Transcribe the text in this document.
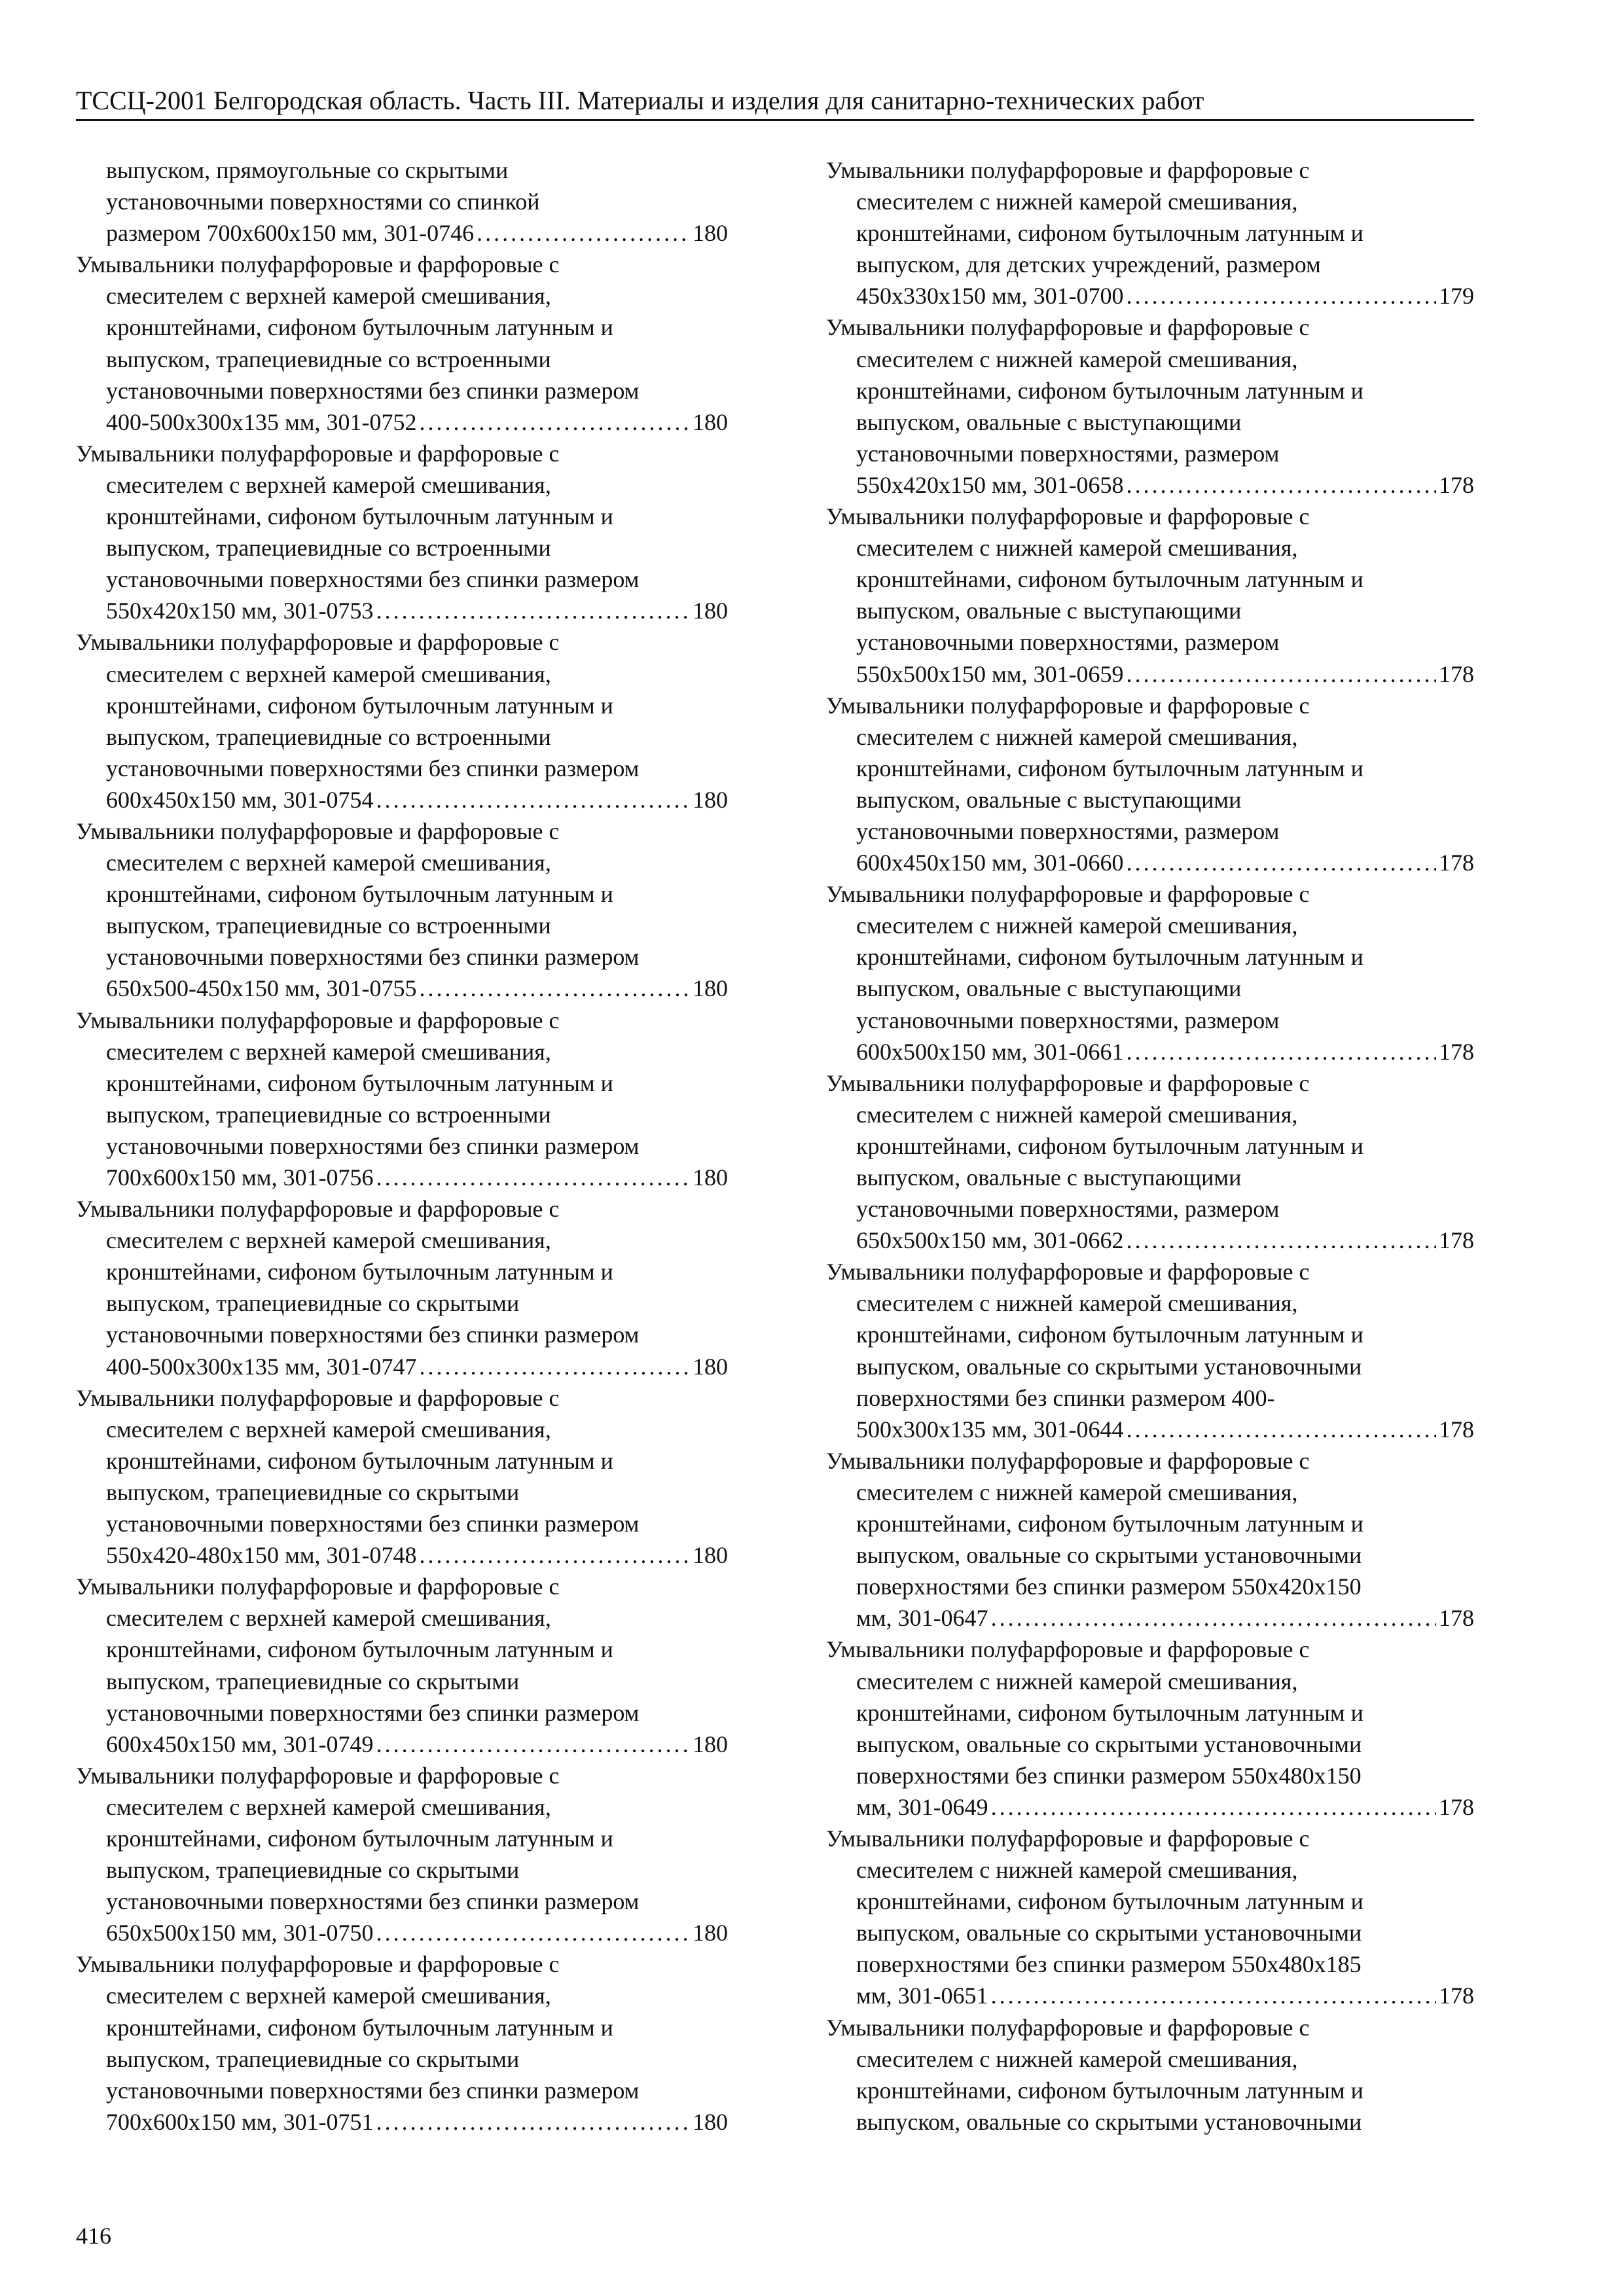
ТССЦ-2001 Белгородская область. Часть III. Материалы и изделия для санитарно-технических работ
выпуском, прямоугольные со скрытыми
установочными поверхностями со спинкой
размером 700х600х150 мм, 301-0746 . . .	180
Умывальники полуфарфоровые и фарфоровые с
смесителем с верхней камерой смешивания,
кронштейнами, сифоном бутылочным латунным и
выпуском, трапециевидные со встроенными
установочными поверхностями без спинки размером
400-500х300х135 мм, 301-0752 . . .	180
Умывальники полуфарфоровые и фарфоровые с
смесителем с верхней камерой смешивания,
кронштейнами, сифоном бутылочным латунным и
выпуском, трапециевидные со встроенными
установочными поверхностями без спинки размером
550х420х150 мм, 301-0753 . . .	180
Умывальники полуфарфоровые и фарфоровые с
смесителем с верхней камерой смешивания,
кронштейнами, сифоном бутылочным латунным и
выпуском, трапециевидные со встроенными
установочными поверхностями без спинки размером
600х450х150 мм, 301-0754 . . .	180
Умывальники полуфарфоровые и фарфоровые с
смесителем с верхней камерой смешивания,
кронштейнами, сифоном бутылочным латунным и
выпуском, трапециевидные со встроенными
установочными поверхностями без спинки размером
650х500-450х150 мм, 301-0755 . . .	180
Умывальники полуфарфоровые и фарфоровые с
смесителем с верхней камерой смешивания,
кронштейнами, сифоном бутылочным латунным и
выпуском, трапециевидные со встроенными
установочными поверхностями без спинки размером
700х600х150 мм, 301-0756 . . .	180
Умывальники полуфарфоровые и фарфоровые с
смесителем с верхней камерой смешивания,
кронштейнами, сифоном бутылочным латунным и
выпуском, трапециевидные со скрытыми
установочными поверхностями без спинки размером
400-500х300х135 мм, 301-0747 . . .	180
Умывальники полуфарфоровые и фарфоровые с
смесителем с верхней камерой смешивания,
кронштейнами, сифоном бутылочным латунным и
выпуском, трапециевидные со скрытыми
установочными поверхностями без спинки размером
550х420-480х150 мм, 301-0748 . . .	180
Умывальники полуфарфоровые и фарфоровые с
смесителем с верхней камерой смешивания,
кронштейнами, сифоном бутылочным латунным и
выпуском, трапециевидные со скрытыми
установочными поверхностями без спинки размером
600х450х150 мм, 301-0749 . . .	180
Умывальники полуфарфоровые и фарфоровые с
смесителем с верхней камерой смешивания,
кронштейнами, сифоном бутылочным латунным и
выпуском, трапециевидные со скрытыми
установочными поверхностями без спинки размером
650х500х150 мм, 301-0750 . . .	180
Умывальники полуфарфоровые и фарфоровые с
смесителем с верхней камерой смешивания,
кронштейнами, сифоном бутылочным латунным и
выпуском, трапециевидные со скрытыми
установочными поверхностями без спинки размером
700х600х150 мм, 301-0751 . . .	180
Умывальники полуфарфоровые и фарфоровые с
смесителем с нижней камерой смешивания,
кронштейнами, сифоном бутылочным латунным и
выпуском, для детских учреждений, размером
450х330х150 мм, 301-0700 . . .	179
Умывальники полуфарфоровые и фарфоровые с
смесителем с нижней камерой смешивания,
кронштейнами, сифоном бутылочным латунным и
выпуском, овальные с выступающими
установочными поверхностями, размером
550х420х150 мм, 301-0658 . . .	178
Умывальники полуфарфоровые и фарфоровые с
смесителем с нижней камерой смешивания,
кронштейнами, сифоном бутылочным латунным и
выпуском, овальные с выступающими
установочными поверхностями, размером
550х500х150 мм, 301-0659 . . .	178
Умывальники полуфарфоровые и фарфоровые с
смесителем с нижней камерой смешивания,
кронштейнами, сифоном бутылочным латунным и
выпуском, овальные с выступающими
установочными поверхностями, размером
600х450х150 мм, 301-0660 . . .	178
Умывальники полуфарфоровые и фарфоровые с
смесителем с нижней камерой смешивания,
кронштейнами, сифоном бутылочным латунным и
выпуском, овальные с выступающими
установочными поверхностями, размером
600х500х150 мм, 301-0661 . . .	178
Умывальники полуфарфоровые и фарфоровые с
смесителем с нижней камерой смешивания,
кронштейнами, сифоном бутылочным латунным и
выпуском, овальные с выступающими
установочными поверхностями, размером
650х500х150 мм, 301-0662 . . .	178
Умывальники полуфарфоровые и фарфоровые с
смесителем с нижней камерой смешивания,
кронштейнами, сифоном бутылочным латунным и
выпуском, овальные со скрытыми установочными
поверхностями без спинки размером 400-
500х300х135 мм, 301-0644 . . .	178
Умывальники полуфарфоровые и фарфоровые с
смесителем с нижней камерой смешивания,
кронштейнами, сифоном бутылочным латунным и
выпуском, овальные со скрытыми установочными
поверхностями без спинки размером 550х420х150
мм, 301-0647 . . .	178
Умывальники полуфарфоровые и фарфоровые с
смесителем с нижней камерой смешивания,
кронштейнами, сифоном бутылочным латунным и
выпуском, овальные со скрытыми установочными
поверхностями без спинки размером 550х480х150
мм, 301-0649 . . .	178
Умывальники полуфарфоровые и фарфоровые с
смесителем с нижней камерой смешивания,
кронштейнами, сифоном бутылочным латунным и
выпуском, овальные со скрытыми установочными
поверхностями без спинки размером 550х480х185
мм, 301-0651 . . .	178
Умывальники полуфарфоровые и фарфоровые с
смесителем с нижней камерой смешивания,
кронштейнами, сифоном бутылочным латунным и
выпуском, овальные со скрытыми установочными
416
